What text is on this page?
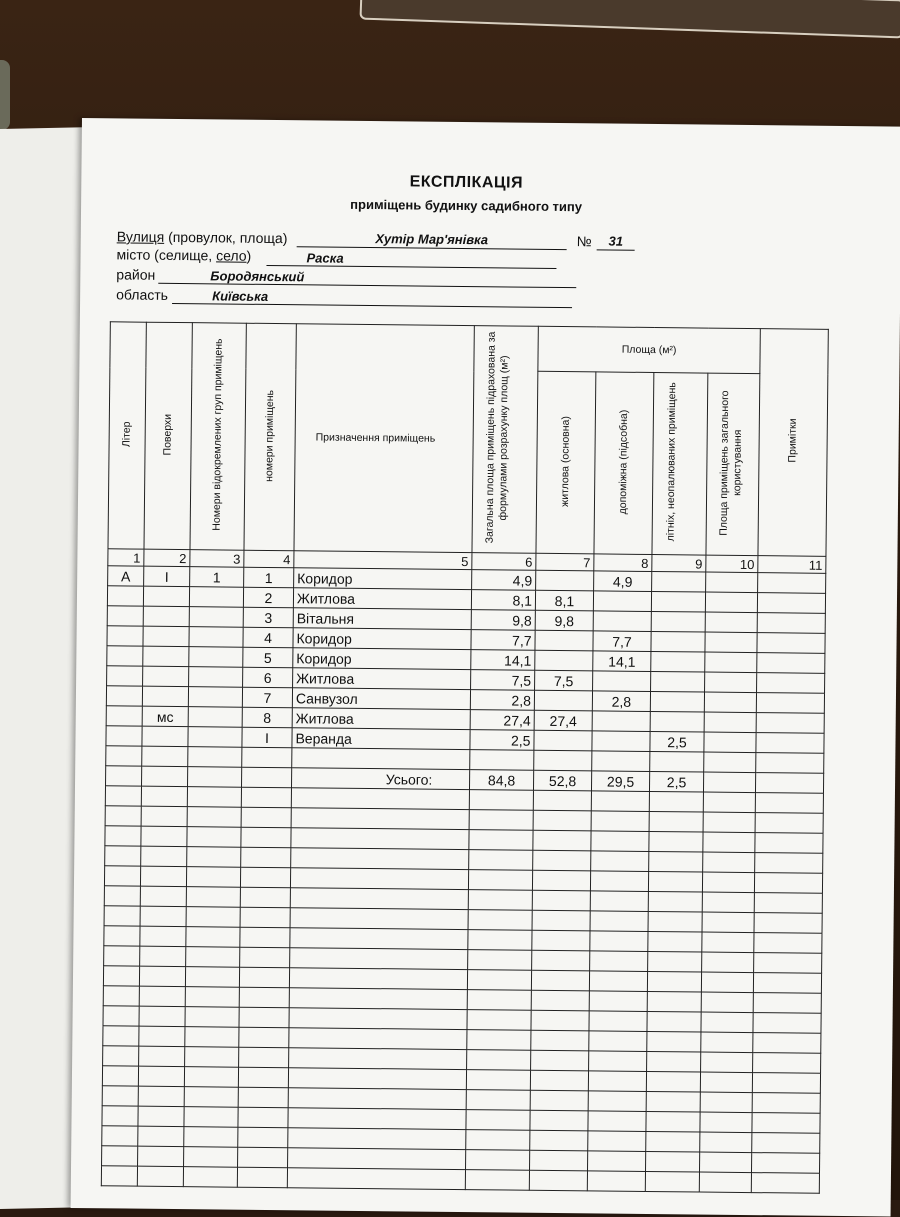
ЕКСПЛІКАЦІЯ
приміщень будинку садибного типу
Вулиця (провулок, площа)	Хутір Мар'янівка	№	31
місто (селище, село)	Раска
район	Бородянський
область	Київська
Літер	Поверхи	Номери відокремлених груп приміщень	номери приміщень	Призначення приміщень	Загальна площа приміщень підрахована за формулами розрахунку площ (м²)	Площа (м²)				Примітки
						житлова (основна)	допоміжна (підсобна)	літніх, неопалюваних приміщень	Площа приміщень загального користування	
1	2	3	4	5	6	7	8	9	10	11
А	І	1	1	Коридор	4,9		4,9			
			2	Житлова	8,1	8,1				
			3	Вітальня	9,8	9,8				
			4	Коридор	7,7		7,7			
			5	Коридор	14,1		14,1			
			6	Житлова	7,5	7,5				
			7	Санвузол	2,8		2,8			
	мс		8	Житлова	27,4	27,4				
			І	Веранда	2,5			2,5		

				Усього:	84,8	52,8	29,5	2,5		
